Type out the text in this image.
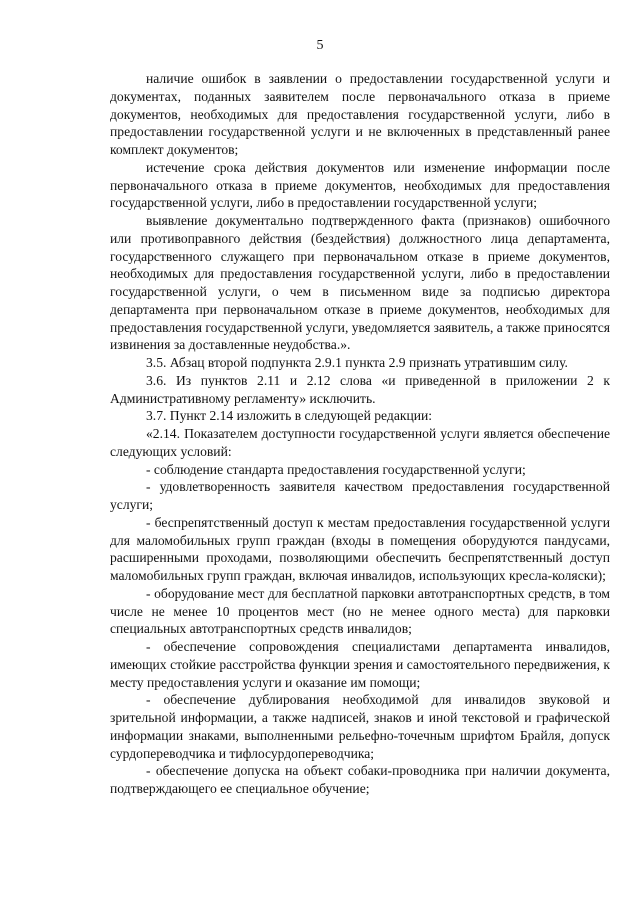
5

наличие ошибок в заявлении о предоставлении государственной услуги и документах, поданных заявителем после первоначального отказа в приеме документов, необходимых для предоставления государственной услуги, либо в предоставлении государственной услуги и не включенных в представленный ранее комплект документов;

истечение срока действия документов или изменение информации после первоначального отказа в приеме документов, необходимых для предоставления государственной услуги, либо в предоставлении государственной услуги;

выявление документально подтвержденного факта (признаков) ошибочного или противоправного действия (бездействия) должностного лица департамента, государственного служащего при первоначальном отказе в приеме документов, необходимых для предоставления государственной услуги, либо в предоставлении государственной услуги, о чем в письменном виде за подписью директора департамента при первоначальном отказе в приеме документов, необходимых для предоставления государственной услуги, уведомляется заявитель, а также приносятся извинения за доставленные неудобства.».

3.5. Абзац второй подпункта 2.9.1 пункта 2.9 признать утратившим силу.

3.6. Из пунктов 2.11 и 2.12 слова «и приведенной в приложении 2 к Административному регламенту» исключить.

3.7. Пункт 2.14 изложить в следующей редакции:

«2.14. Показателем доступности государственной услуги является обеспечение следующих условий:

- соблюдение стандарта предоставления государственной услуги;

- удовлетворенность заявителя качеством предоставления государственной услуги;

- беспрепятственный доступ к местам предоставления государственной услуги для маломобильных групп граждан (входы в помещения оборудуются пандусами, расширенными проходами, позволяющими обеспечить беспрепятственный доступ маломобильных групп граждан, включая инвалидов, использующих кресла-коляски);

- оборудование мест для бесплатной парковки автотранспортных средств, в том числе не менее 10 процентов мест (но не менее одного места) для парковки специальных автотранспортных средств инвалидов;

- обеспечение сопровождения специалистами департамента инвалидов, имеющих стойкие расстройства функции зрения и самостоятельного передвижения, к месту предоставления услуги и оказание им помощи;

- обеспечение дублирования необходимой для инвалидов звуковой и зрительной информации, а также надписей, знаков и иной текстовой и графической информации знаками, выполненными рельефно-точечным шрифтом Брайля, допуск сурдопереводчика и тифлосурдопереводчика;

- обеспечение допуска на объект собаки-проводника при наличии документа, подтверждающего ее специальное обучение;
